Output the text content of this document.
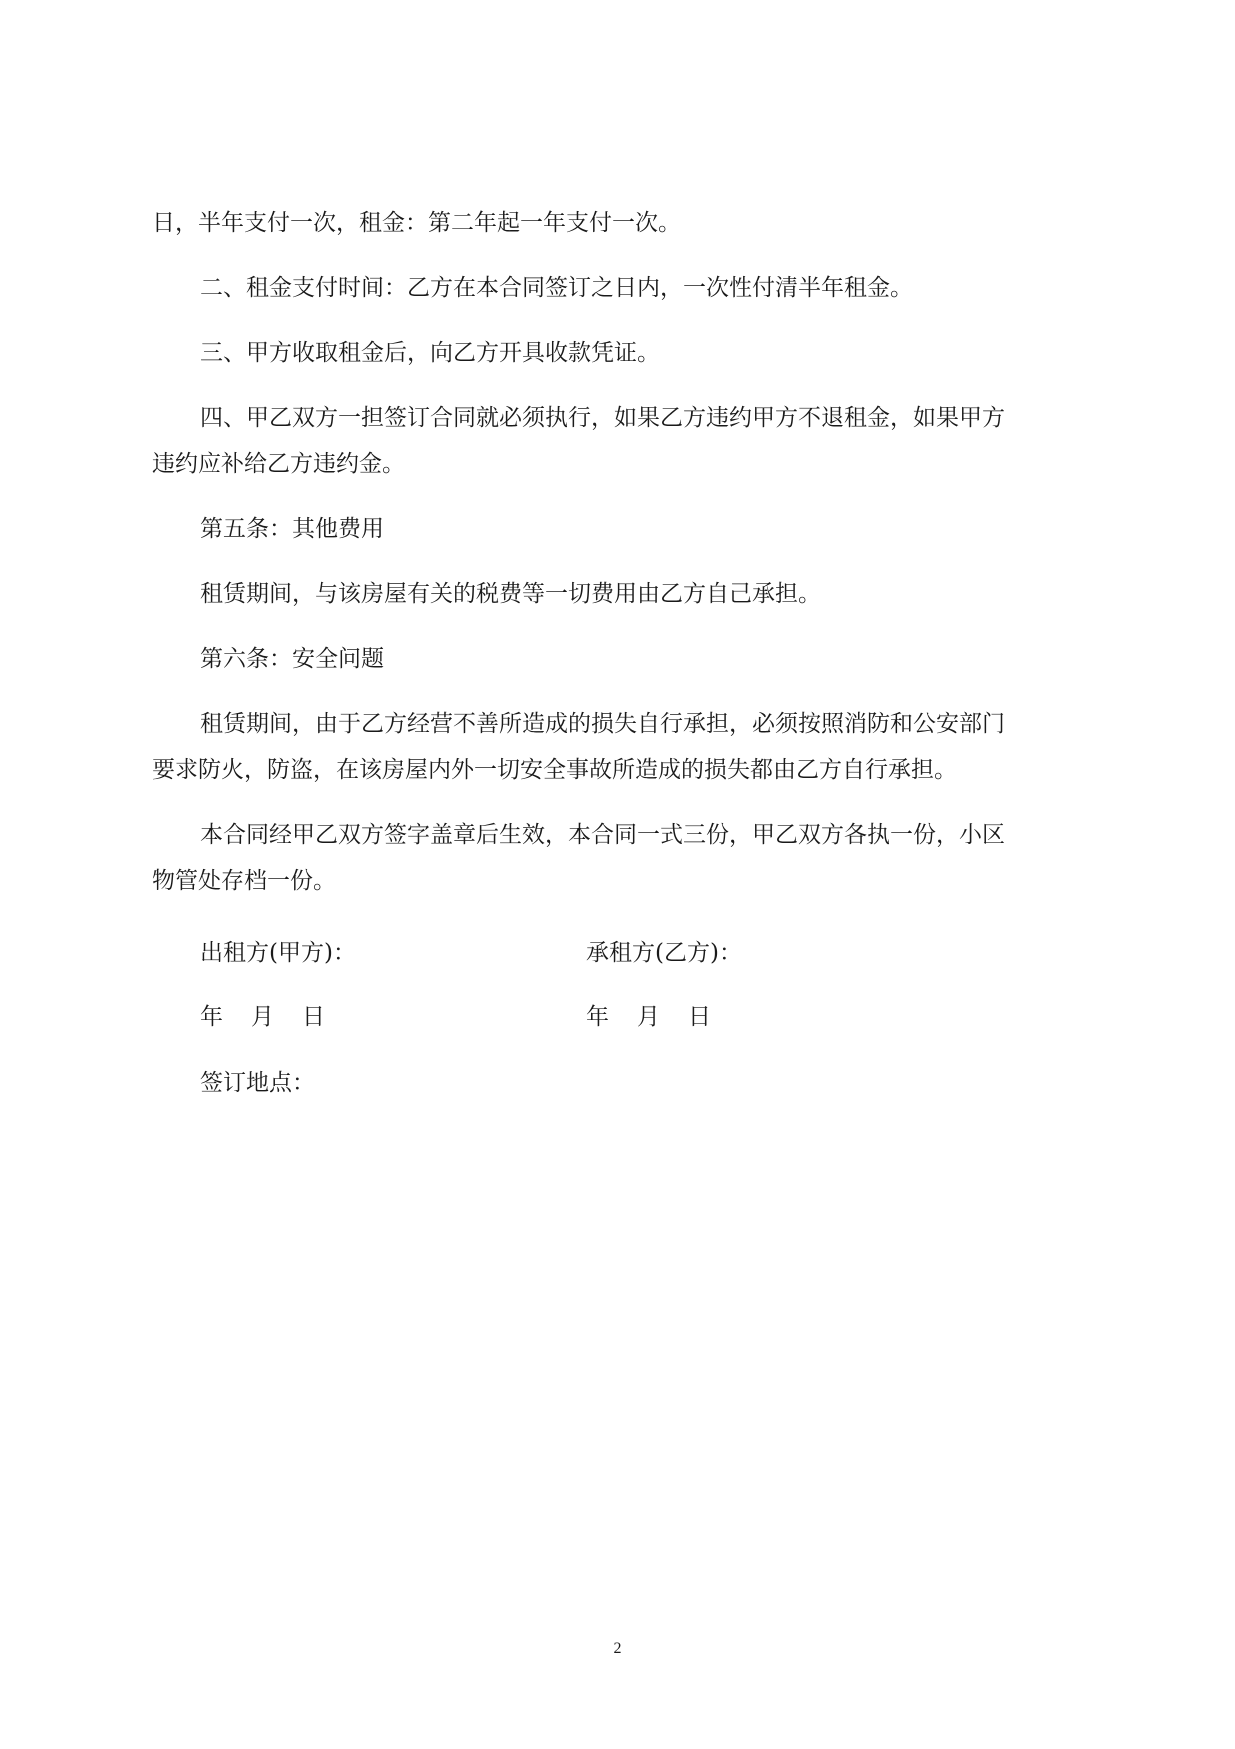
日，半年支付一次，租金：第二年起一年支付一次。
二、租金支付时间：乙方在本合同签订之日内，一次性付清半年租金。
三、甲方收取租金后，向乙方开具收款凭证。
四、甲乙双方一担签订合同就必须执行，如果乙方违约甲方不退租金，如果甲方
违约应补给乙方违约金。
第五条：其他费用
租赁期间，与该房屋有关的税费等一切费用由乙方自己承担。
第六条：安全问题
租赁期间，由于乙方经营不善所造成的损失自行承担，必须按照消防和公安部门
要求防火，防盗，在该房屋内外一切安全事故所造成的损失都由乙方自行承担。
本合同经甲乙双方签字盖章后生效，本合同一式三份，甲乙双方各执一份，小区
物管处存档一份。
出租方(甲方)：	承租方(乙方)：
年 月 日	年 月 日
签订地点：
2
